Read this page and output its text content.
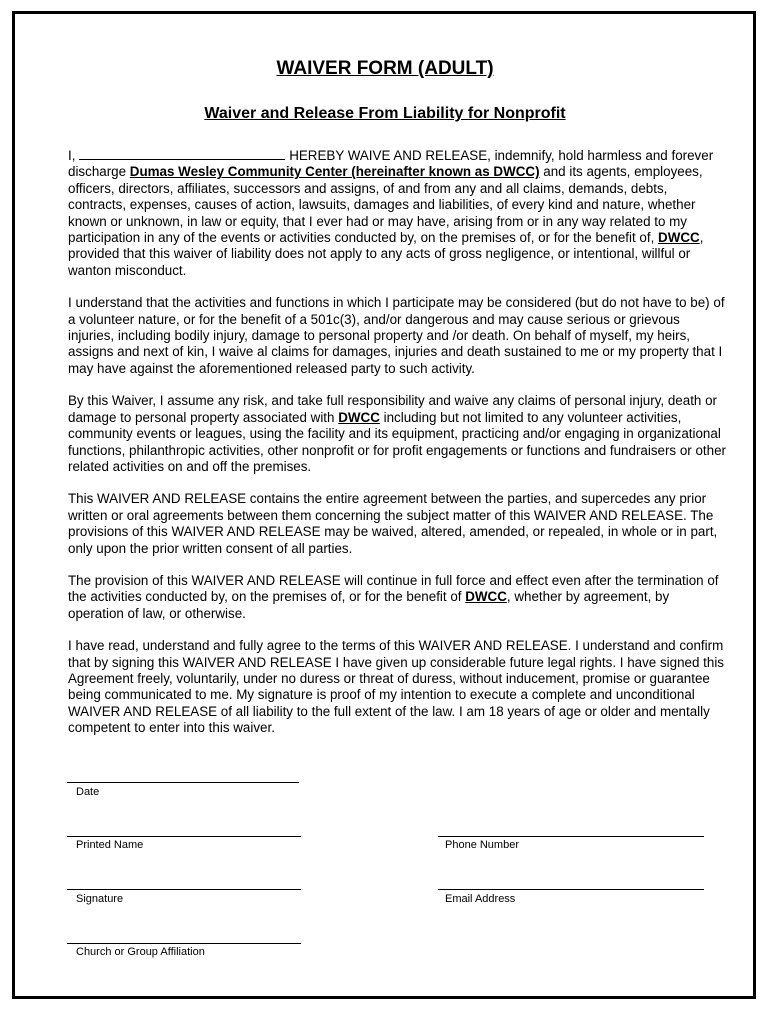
WAIVER FORM (ADULT)
Waiver and Release From Liability for Nonprofit

I,	HEREBY WAIVE AND RELEASE, indemnify, hold harmless and forever discharge Dumas Wesley Community Center (hereinafter known as DWCC) and its agents, employees, officers, directors, affiliates, successors and assigns, of and from any and all claims, demands, debts, contracts, expenses, causes of action, lawsuits, damages and liabilities, of every kind and nature, whether known or unknown, in law or equity, that I ever had or may have, arising from or in any way related to my participation in any of the events or activities conducted by, on the premises of, or for the benefit of, DWCC, provided that this waiver of liability does not apply to any acts of gross negligence, or intentional, willful or wanton misconduct.

I understand that the activities and functions in which I participate may be considered (but do not have to be) of a volunteer nature, or for the benefit of a 501c(3), and/or dangerous and may cause serious or grievous injuries, including bodily injury, damage to personal property and /or death. On behalf of myself, my heirs, assigns and next of kin, I waive al claims for damages, injuries and death sustained to me or my property that I may have against the aforementioned released party to such activity.

By this Waiver, I assume any risk, and take full responsibility and waive any claims of personal injury, death or damage to personal property associated with DWCC including but not limited to any volunteer activities, community events or leagues, using the facility and its equipment, practicing and/or engaging in organizational functions, philanthropic activities, other nonprofit or for profit engagements or functions and fundraisers or other related activities on and off the premises.

This WAIVER AND RELEASE contains the entire agreement between the parties, and supercedes any prior written or oral agreements between them concerning the subject matter of this WAIVER AND RELEASE. The provisions of this WAIVER AND RELEASE may be waived, altered, amended, or repealed, in whole or in part, only upon the prior written consent of all parties.

The provision of this WAIVER AND RELEASE will continue in full force and effect even after the termination of the activities conducted by, on the premises of, or for the benefit of DWCC, whether by agreement, by operation of law, or otherwise.

I have read, understand and fully agree to the terms of this WAIVER AND RELEASE. I understand and confirm that by signing this WAIVER AND RELEASE I have given up considerable future legal rights. I have signed this Agreement freely, voluntarily, under no duress or threat of duress, without inducement, promise or guarantee being communicated to me. My signature is proof of my intention to execute a complete and unconditional WAIVER AND RELEASE of all liability to the full extent of the law. I am 18 years of age or older and mentally competent to enter into this waiver.

Date
Printed Name	Phone Number
Signature	Email Address
Church or Group Affiliation
